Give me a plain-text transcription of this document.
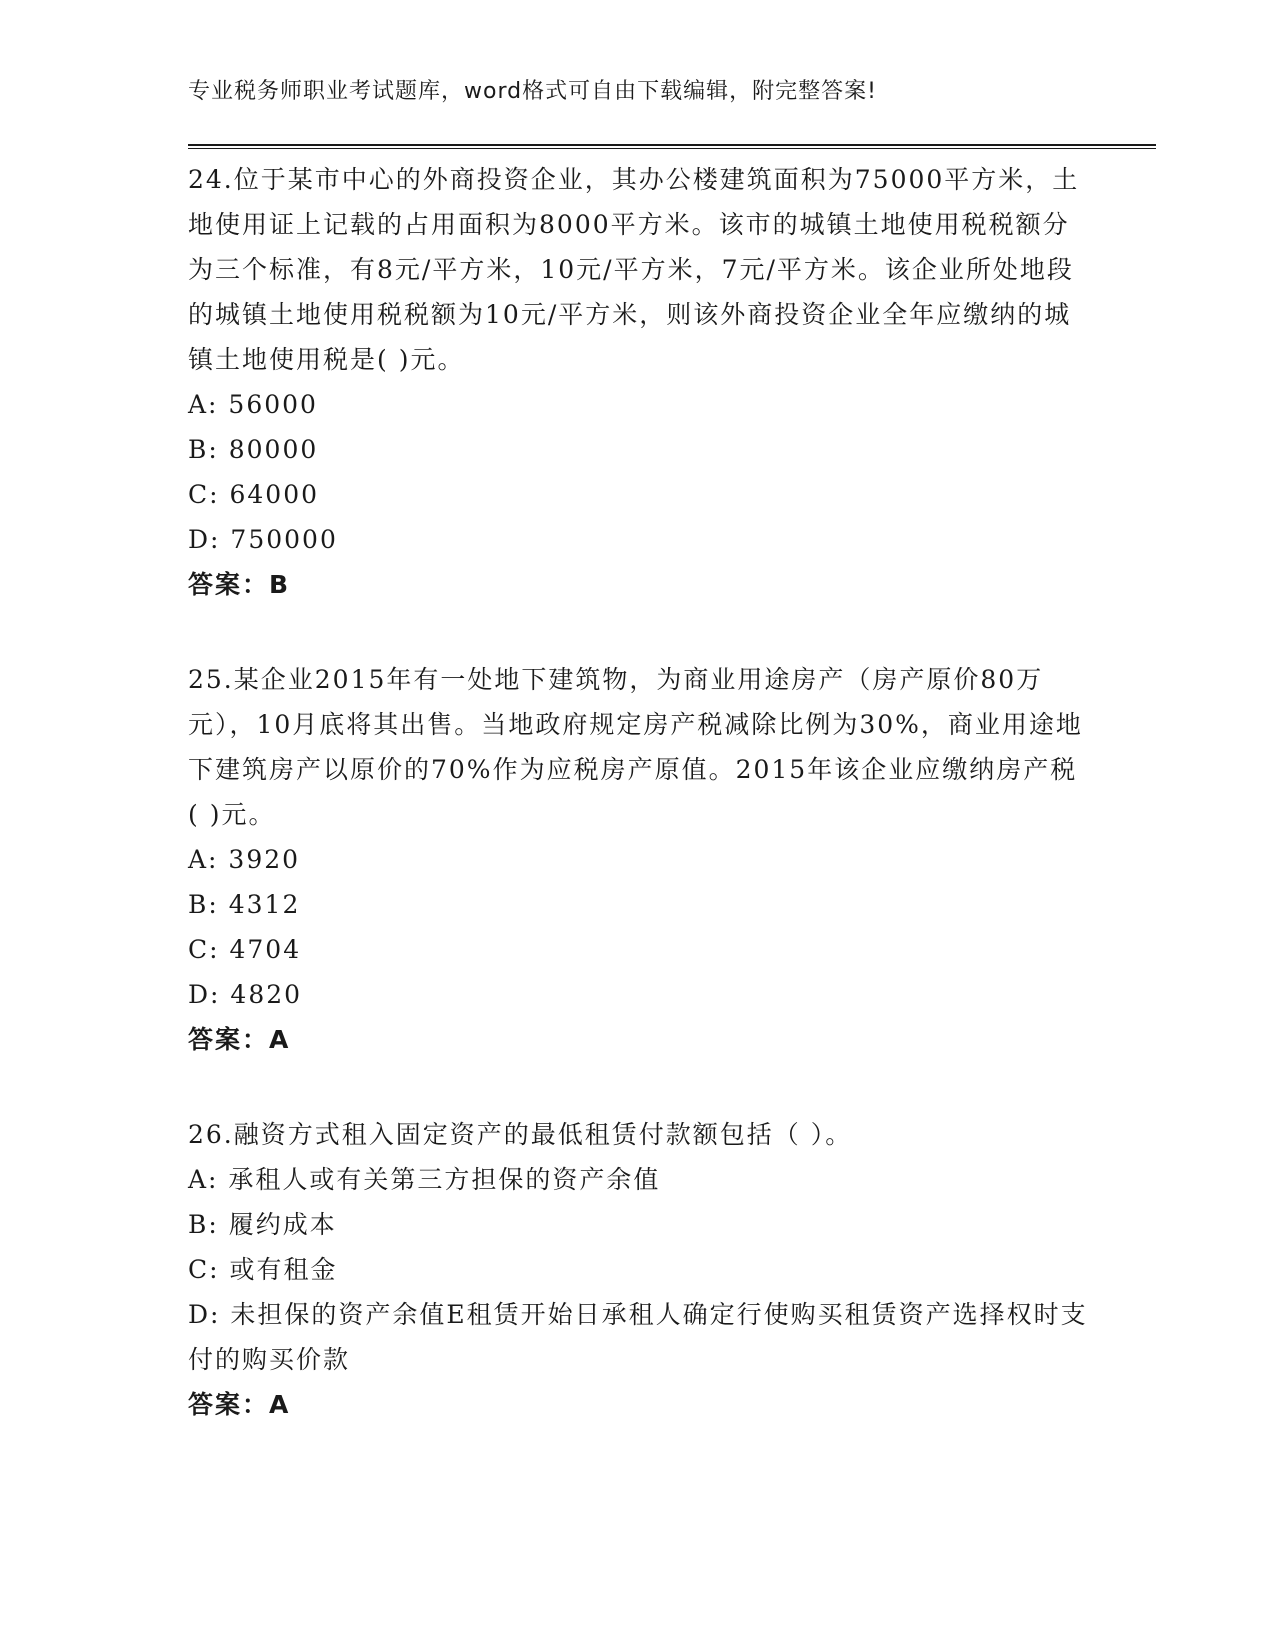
专业税务师职业考试题库，word格式可自由下载编辑，附完整答案!

24.位于某市中心的外商投资企业，其办公楼建筑面积为75000平方米，土地使用证上记载的占用面积为8000平方米。该市的城镇土地使用税税额分为三个标准，有8元/平方米，10元/平方米，7元/平方米。该企业所处地段的城镇土地使用税税额为10元/平方米，则该外商投资企业全年应缴纳的城镇土地使用税是( )元。

A: 56000

B: 80000

C: 64000

D: 750000

答案：B

25.某企业2015年有一处地下建筑物，为商业用途房产（房产原价80万元），10月底将其出售。当地政府规定房产税减除比例为30%，商业用途地下建筑房产以原价的70%作为应税房产原值。2015年该企业应缴纳房产税( )元。

A: 3920

B: 4312

C: 4704

D: 4820

答案：A

26.融资方式租入固定资产的最低租赁付款额包括（ ）。

A: 承租人或有关第三方担保的资产余值

B: 履约成本

C: 或有租金

D: 未担保的资产余值E租赁开始日承租人确定行使购买租赁资产选择权时支付的购买价款

答案：A
